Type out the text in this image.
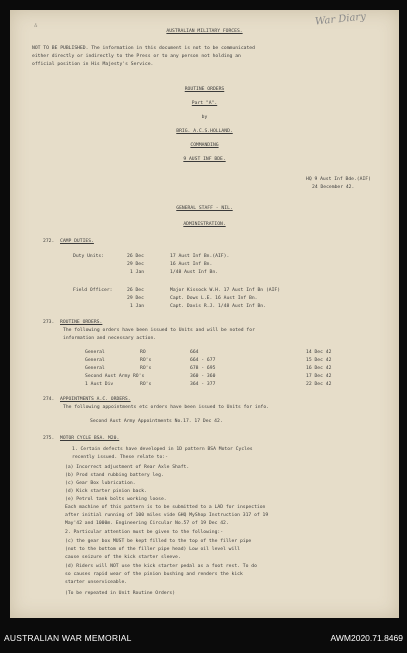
War Diary
∴
AUSTRALIAN MILITARY FORCES.
NOT TO BE PUBLISHED. The information in this document is not to be communicated
either directly or indirectly to the Press or to any person not holding an
official position in His Majesty's Service.
ROUTINE ORDERS
Part "A".
by
BRIG. A.C.S.HOLLAND.
COMMANDING
9 AUST INF BDE.
HQ 9 Aust Inf Bde.(AIF)
24 December 42.
GENERAL STAFF - NIL.
ADMINISTRATION.
272. CAMP DUTIES.
Duty Units:	26 Dec	17 Aust Inf Bn.(AIF).
29 Dec	16 Aust Inf Bn.
1 Jan	1/48 Aust Inf Bn.
Field Officer:	26 Dec	Major Kissock W.H. 17 Aust Inf Bn (AIF)
29 Dec	Capt. Dows L.E. 16 Aust Inf Bn.
1 Jan	Capt. Davis R.J. 1/48 Aust Inf Bn.
273. ROUTINE ORDERS.
The following orders have been issued to Units and will be noted for
information and necessary action.
General	RO	664	14 Dec 42
General	RO's	664 - 677	15 Dec 42
General	RO's	678 - 695	16 Dec 42
Second Aust Army RO's	360 - 360	17 Dec 42
1 Aust Div	RO's	364 - 377	22 Dec 42
274. APPOINTMENTS A.C. ORDERS.
The following appointments etc orders have been issued to Units for info.
Second Aust Army Appointments No.17. 17 Dec 42.
275. MOTOR CYCLE BSA. M20.
1. Certain defects have developed in 1D pattern BSA Motor Cycles
recently issued. These relate to:-
(a) Incorrect adjustment of Rear Axle Shaft.
(b) Prod stand rubbing battery leg.
(c) Gear Box lubrication.
(d) Kick starter pinion back.
(e) Petrol tank bolts working loose.
Each machine of this pattern is to be submitted to a LAD for inspection
after initial running of 100 miles vide GHQ MyShop Instruction 317 of 19
May'42 and 1000m. Engineering Circular No.57 of 19 Dec 42.
2. Particular attention must be given to the following:-
(c) the gear box MUST be kept filled to the top of the filler pipe
(not to the bottom of the filler pipe head) Low oil level will
cause seizure of the kick starter sleeve.
(d) Riders will NOT use the kick starter pedal as a foot rest. To do
so causes rapid wear of the pinion bushing and renders the kick
starter unserviceable.
(To be repeated in Unit Routine Orders)
AUSTRALIAN WAR MEMORIAL	AWM2020.71.8469
